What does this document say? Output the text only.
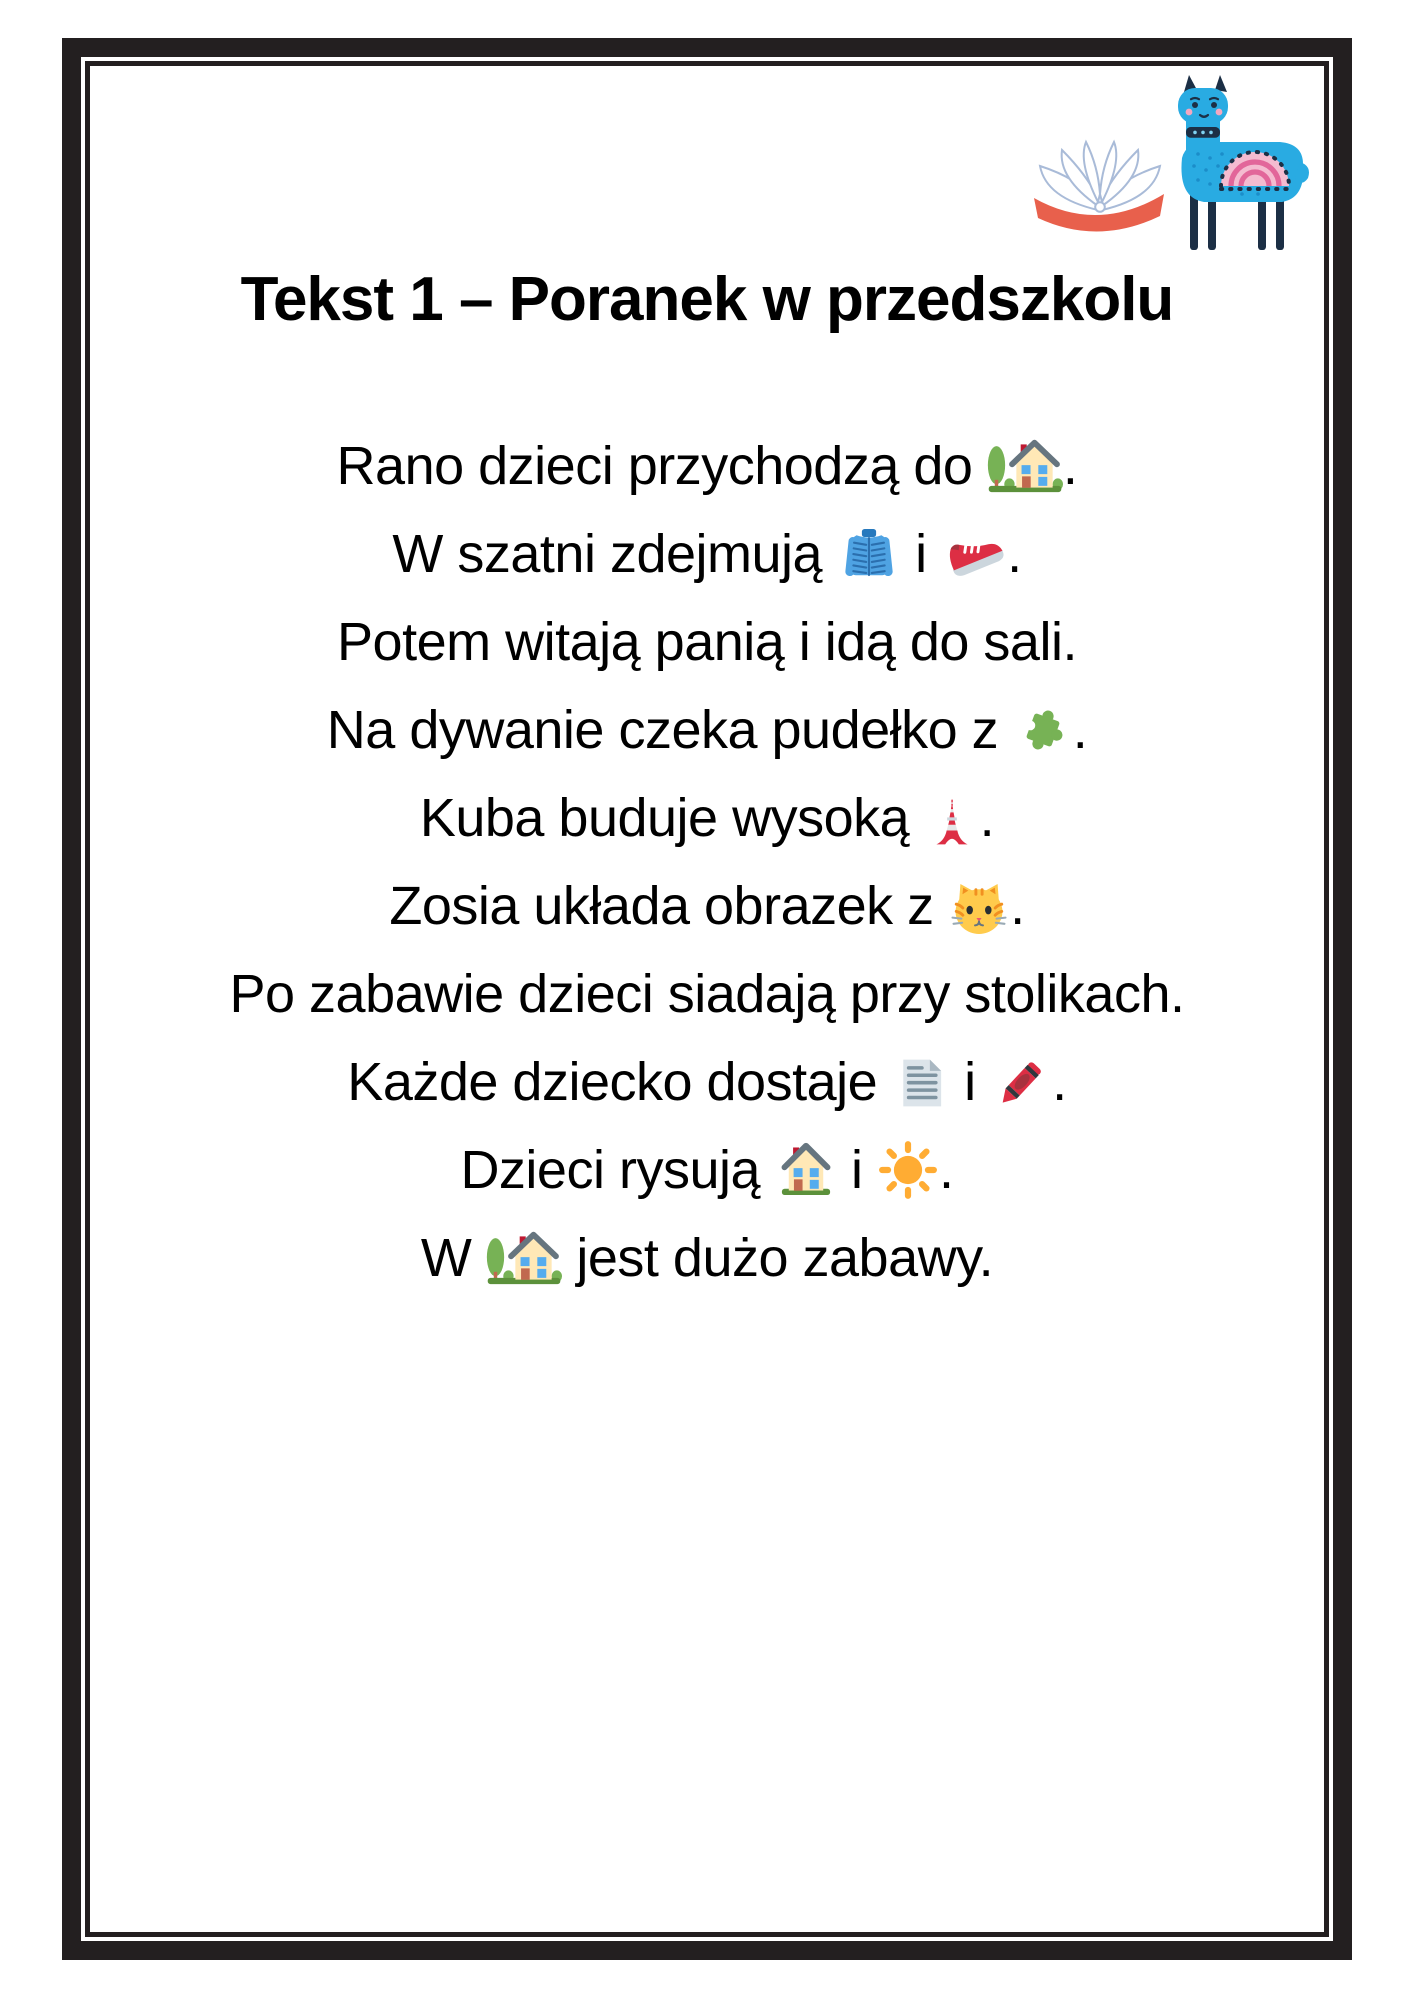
Tekst 1 – Poranek w przedszkolu
Rano dzieci przychodzą do .
W szatni zdejmują  i .
Potem witają panią i idą do sali.
Na dywanie czeka pudełko z .
Kuba buduje wysoką .
Zosia układa obrazek z .
Po zabawie dzieci siadają przy stolikach.
Każde dziecko dostaje  i .
Dzieci rysują  i .
W  jest dużo zabawy.
